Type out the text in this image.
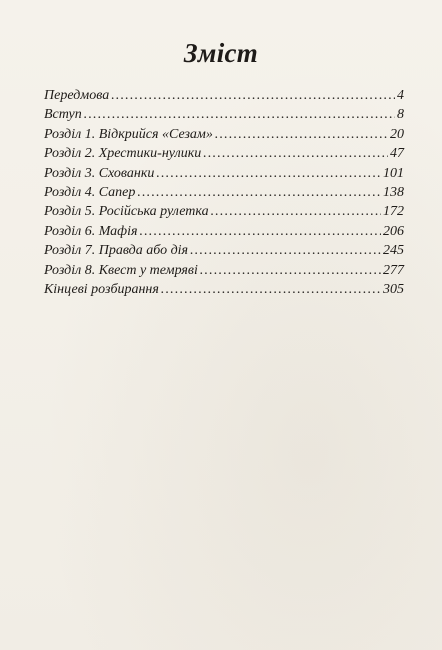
Зміст
Передмова .....	4
Вступ .....	8
Розділ 1. Відкрийся «Сезам» .....	20
Розділ 2. Хрестики-нулики .....	47
Розділ 3. Схованки .....	101
Розділ 4. Сапер .....	138
Розділ 5. Російська рулетка .....	172
Розділ 6. Мафія .....	206
Розділ 7. Правда або дія .....	245
Розділ 8. Квест у темряві .....	277
Кінцеві розбирання .....	305
